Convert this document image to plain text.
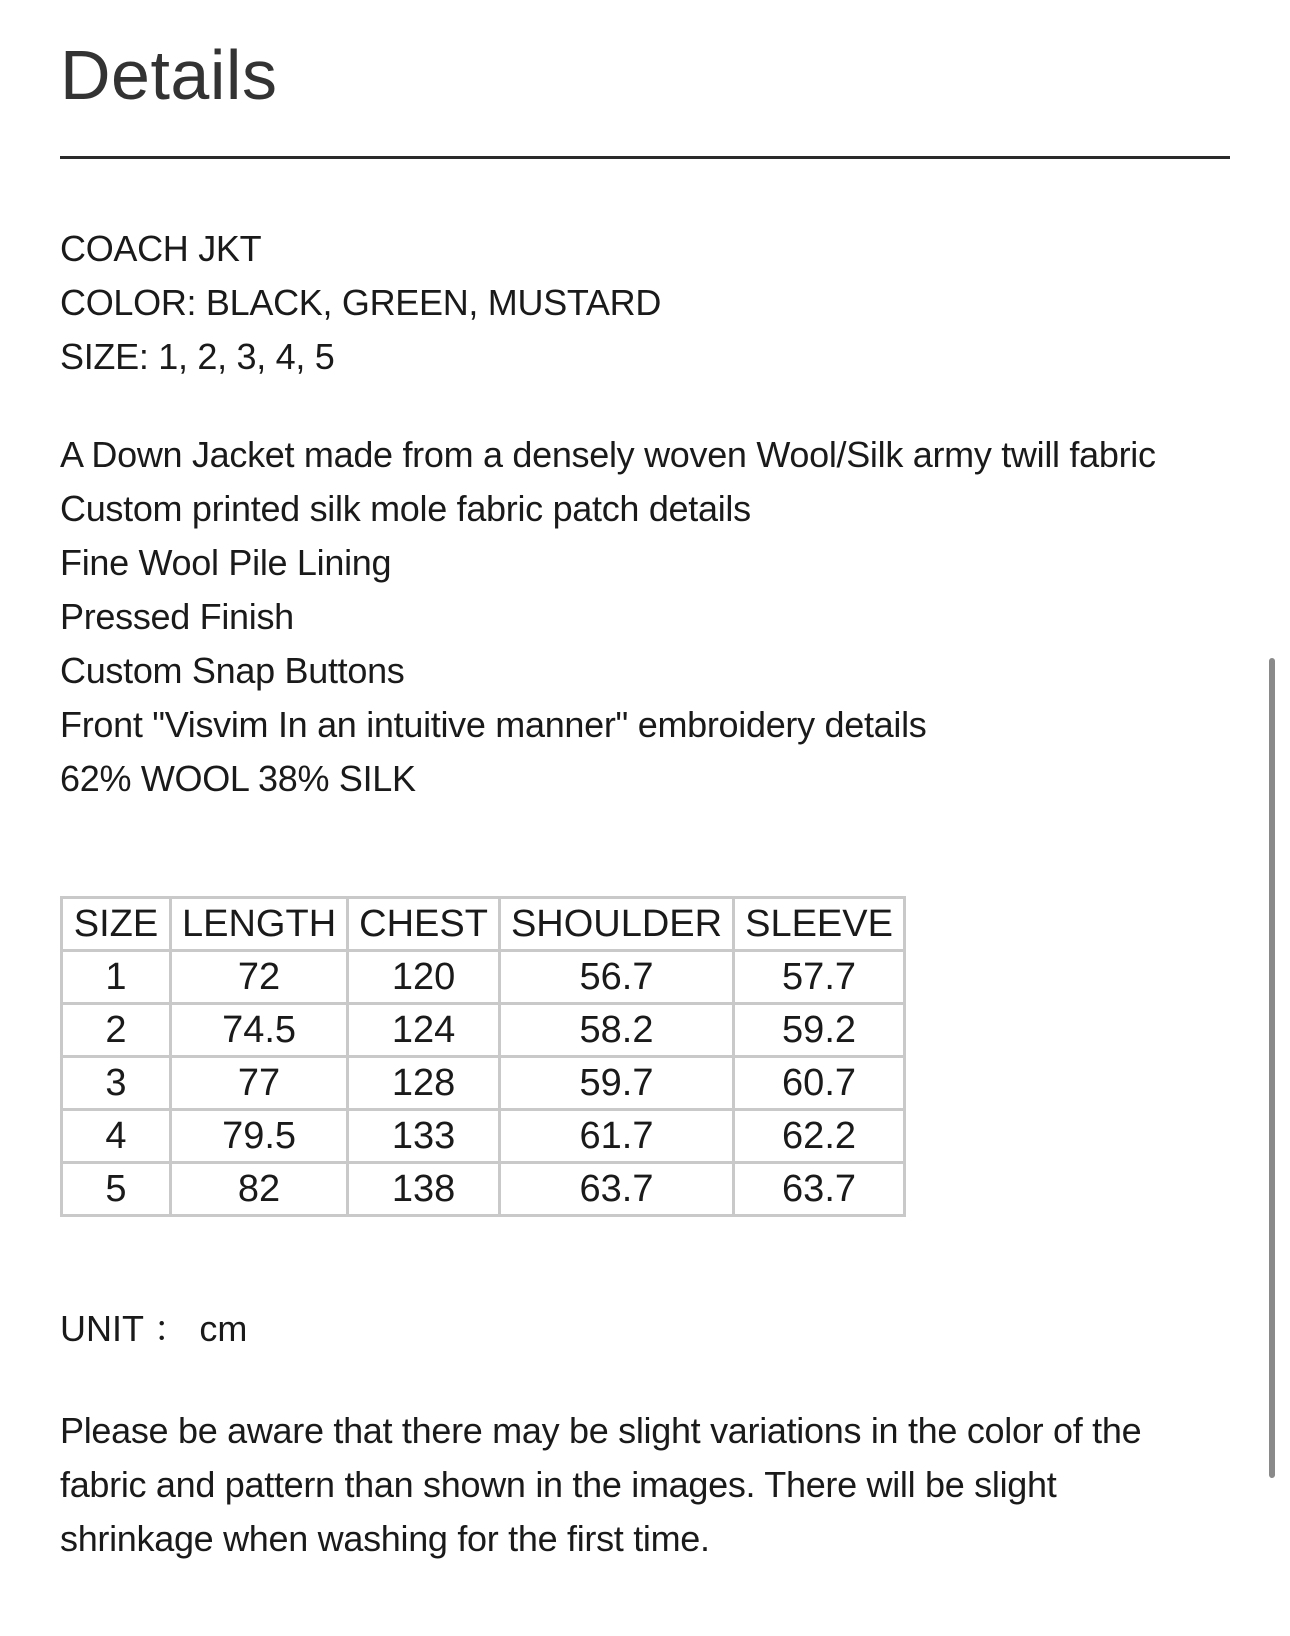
Details
COACH JKT
COLOR: BLACK, GREEN, MUSTARD
SIZE: 1, 2, 3, 4, 5
A Down Jacket made from a densely woven Wool/Silk army twill fabric
Custom printed silk mole fabric patch details
Fine Wool Pile Lining
Pressed Finish
Custom Snap Buttons
Front "Visvim In an intuitive manner" embroidery details
62% WOOL 38% SILK
SIZE	LENGTH	CHEST	SHOULDER	SLEEVE
1	72	120	56.7	57.7
2	74.5	124	58.2	59.2
3	77	128	59.7	60.7
4	79.5	133	61.7	62.2
5	82	138	63.7	63.7
UNIT ： cm
Please be aware that there may be slight variations in the color of the fabric and pattern than shown in the images. There will be slight shrinkage when washing for the first time.
